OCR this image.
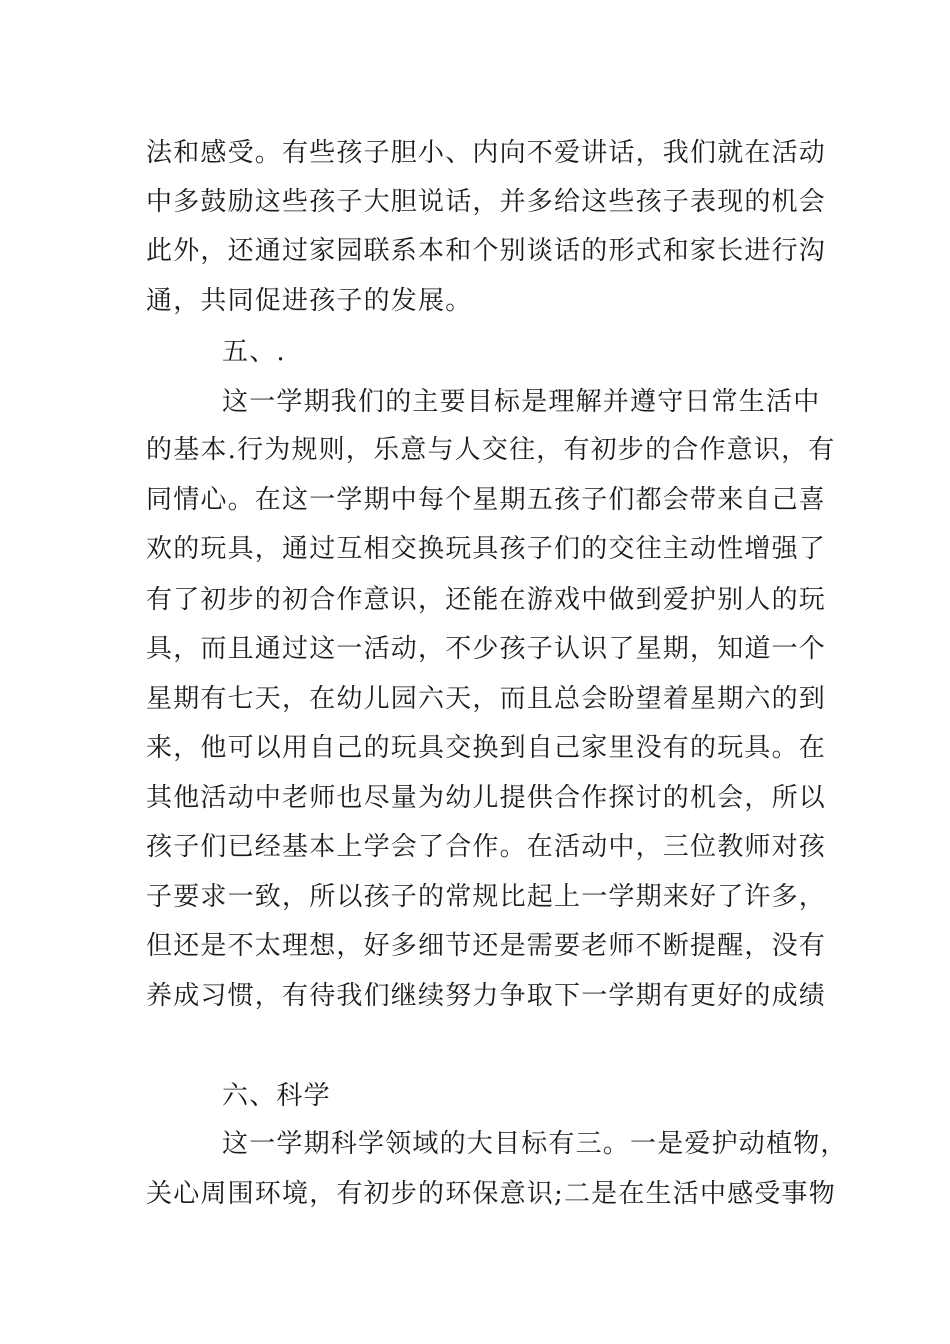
法和感受。有些孩子胆小、内向不爱讲话，我们就在活动
中多鼓励这些孩子大胆说话，并多给这些孩子表现的机会
此外，还通过家园联系本和个别谈话的形式和家长进行沟
通，共同促进孩子的发展。
五、.
这一学期我们的主要目标是理解并遵守日常生活中
的基本.行为规则，乐意与人交往，有初步的合作意识，有
同情心。在这一学期中每个星期五孩子们都会带来自己喜
欢的玩具，通过互相交换玩具孩子们的交往主动性增强了
有了初步的初合作意识，还能在游戏中做到爱护别人的玩
具，而且通过这一活动，不少孩子认识了星期，知道一个
星期有七天，在幼儿园六天，而且总会盼望着星期六的到
来，他可以用自己的玩具交换到自己家里没有的玩具。在
其他活动中老师也尽量为幼儿提供合作探讨的机会，所以
孩子们已经基本上学会了合作。在活动中，三位教师对孩
子要求一致，所以孩子的常规比起上一学期来好了许多，
但还是不太理想，好多细节还是需要老师不断提醒，没有
养成习惯，有待我们继续努力争取下一学期有更好的成绩
六、科学
这一学期科学领域的大目标有三。一是爱护动植物，
关心周围环境，有初步的环保意识;二是在生活中感受事物
